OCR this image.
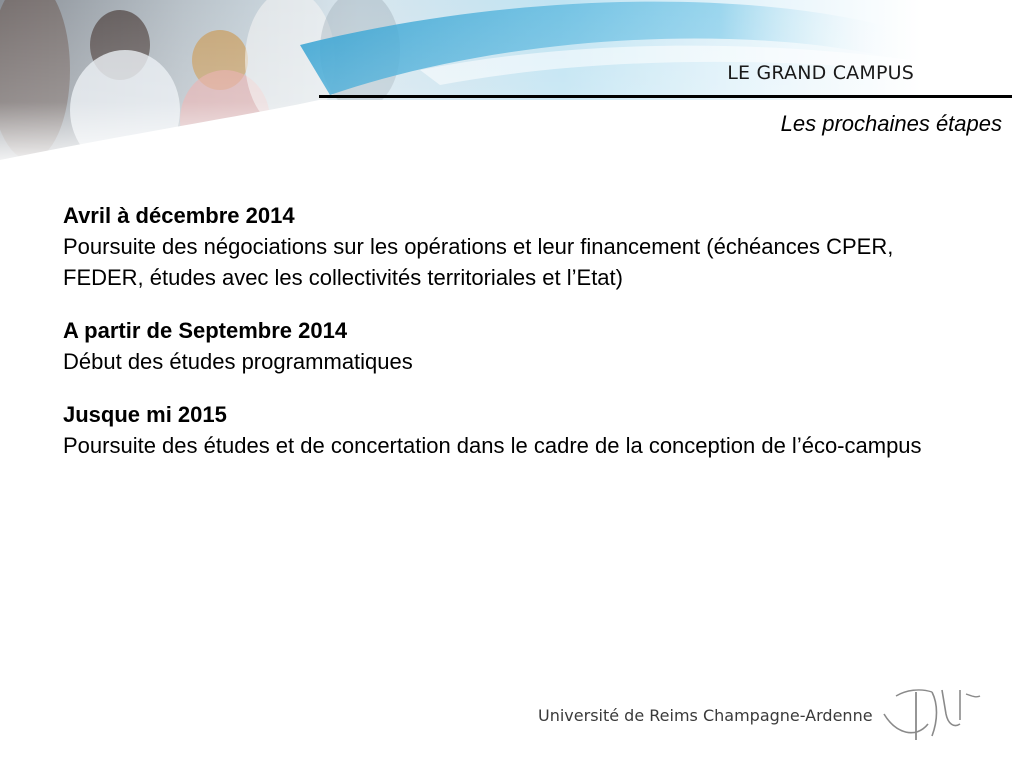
LE GRAND CAMPUS
Les prochaines étapes
Avril à décembre 2014
Poursuite des négociations sur les opérations et leur financement (échéances CPER, FEDER, études avec les collectivités territoriales et l’Etat)
A partir de Septembre 2014
Début des études programmatiques
Jusque mi 2015
Poursuite des études et de concertation dans le cadre de la conception de l’éco-campus
Université de Reims Champagne-Ardenne
